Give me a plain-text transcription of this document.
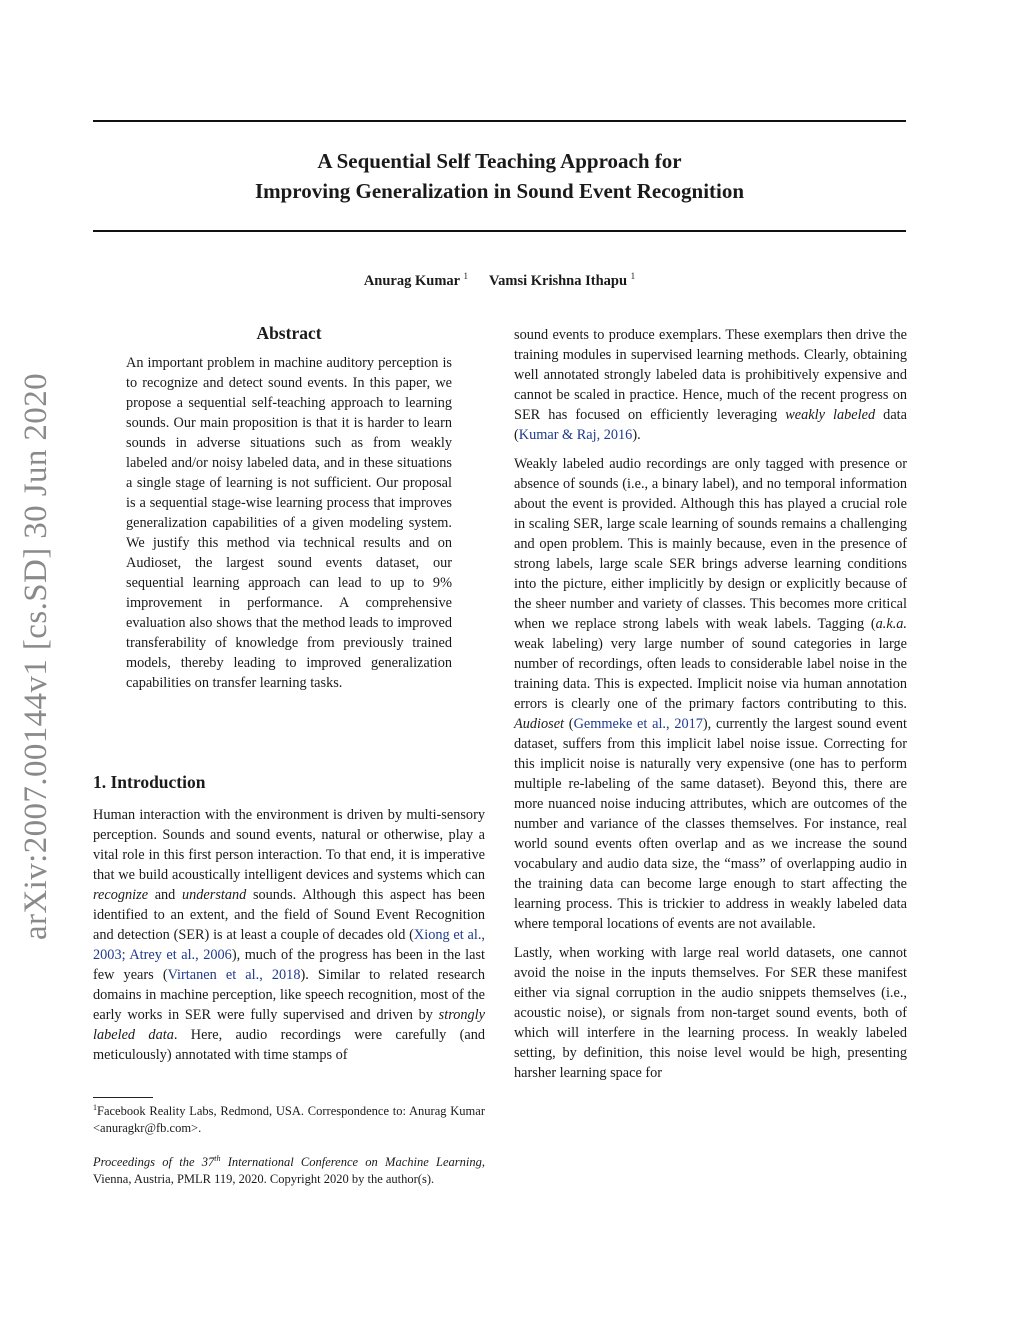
arXiv:2007.00144v1 [cs.SD] 30 Jun 2020
A Sequential Self Teaching Approach for
Improving Generalization in Sound Event Recognition
Anurag Kumar $^1$ Vamsi Krishna Ithapu $^1$
Abstract

An important problem in machine auditory perception is to recognize and detect sound events. In this paper, we propose a sequential self-teaching approach to learning sounds. Our main proposition is that it is harder to learn sounds in adverse situations such as from weakly labeled and/or noisy labeled data, and in these situations a single stage of learning is not sufficient. Our proposal is a sequential stage-wise learning process that improves generalization capabilities of a given modeling system. We justify this method via technical results and on Audioset, the largest sound events dataset, our sequential learning approach can lead to up to 9% improvement in performance. A comprehensive evaluation also shows that the method leads to improved transferability of knowledge from previously trained models, thereby leading to improved generalization capabilities on transfer learning tasks.

1. Introduction

Human interaction with the environment is driven by multi-sensory perception. Sounds and sound events, natural or otherwise, play a vital role in this first person interaction. To that end, it is imperative that we build acoustically intelligent devices and systems which can recognize and understand sounds. Although this aspect has been identified to an extent, and the field of Sound Event Recognition and detection (SER) is at least a couple of decades old (Xiong et al., 2003; Atrey et al., 2006), much of the progress has been in the last few years (Virtanen et al., 2018). Similar to related research domains in machine perception, like speech recognition, most of the early works in SER were fully supervised and driven by strongly labeled data. Here, audio recordings were carefully (and meticulously) annotated with time stamps of

$^1$Facebook Reality Labs, Redmond, USA. Correspondence to: Anurag Kumar <anuragkr@fb.com>.
Proceedings of the 37th International Conference on Machine Learning, Vienna, Austria, PMLR 119, 2020. Copyright 2020 by the author(s).

sound events to produce exemplars. These exemplars then drive the training modules in supervised learning methods. Clearly, obtaining well annotated strongly labeled data is prohibitively expensive and cannot be scaled in practice. Hence, much of the recent progress on SER has focused on efficiently leveraging weakly labeled data (Kumar & Raj, 2016).

Weakly labeled audio recordings are only tagged with presence or absence of sounds (i.e., a binary label), and no temporal information about the event is provided. Although this has played a crucial role in scaling SER, large scale learning of sounds remains a challenging and open problem. This is mainly because, even in the presence of strong labels, large scale SER brings adverse learning conditions into the picture, either implicitly by design or explicitly because of the sheer number and variety of classes. This becomes more critical when we replace strong labels with weak labels. Tagging (a.k.a. weak labeling) very large number of sound categories in large number of recordings, often leads to considerable label noise in the training data. This is expected. Implicit noise via human annotation errors is clearly one of the primary factors contributing to this. Audioset (Gemmeke et al., 2017), currently the largest sound event dataset, suffers from this implicit label noise issue. Correcting for this implicit noise is naturally very expensive (one has to perform multiple re-labeling of the same dataset). Beyond this, there are more nuanced noise inducing attributes, which are outcomes of the number and variance of the classes themselves. For instance, real world sound events often overlap and as we increase the sound vocabulary and audio data size, the “mass” of overlapping audio in the training data can become large enough to start affecting the learning process. This is trickier to address in weakly labeled data where temporal locations of events are not available.

Lastly, when working with large real world datasets, one cannot avoid the noise in the inputs themselves. For SER these manifest either via signal corruption in the audio snippets themselves (i.e., acoustic noise), or signals from non-target sound events, both of which will interfere in the learning process. In weakly labeled setting, by definition, this noise level would be high, presenting harsher learning space for
